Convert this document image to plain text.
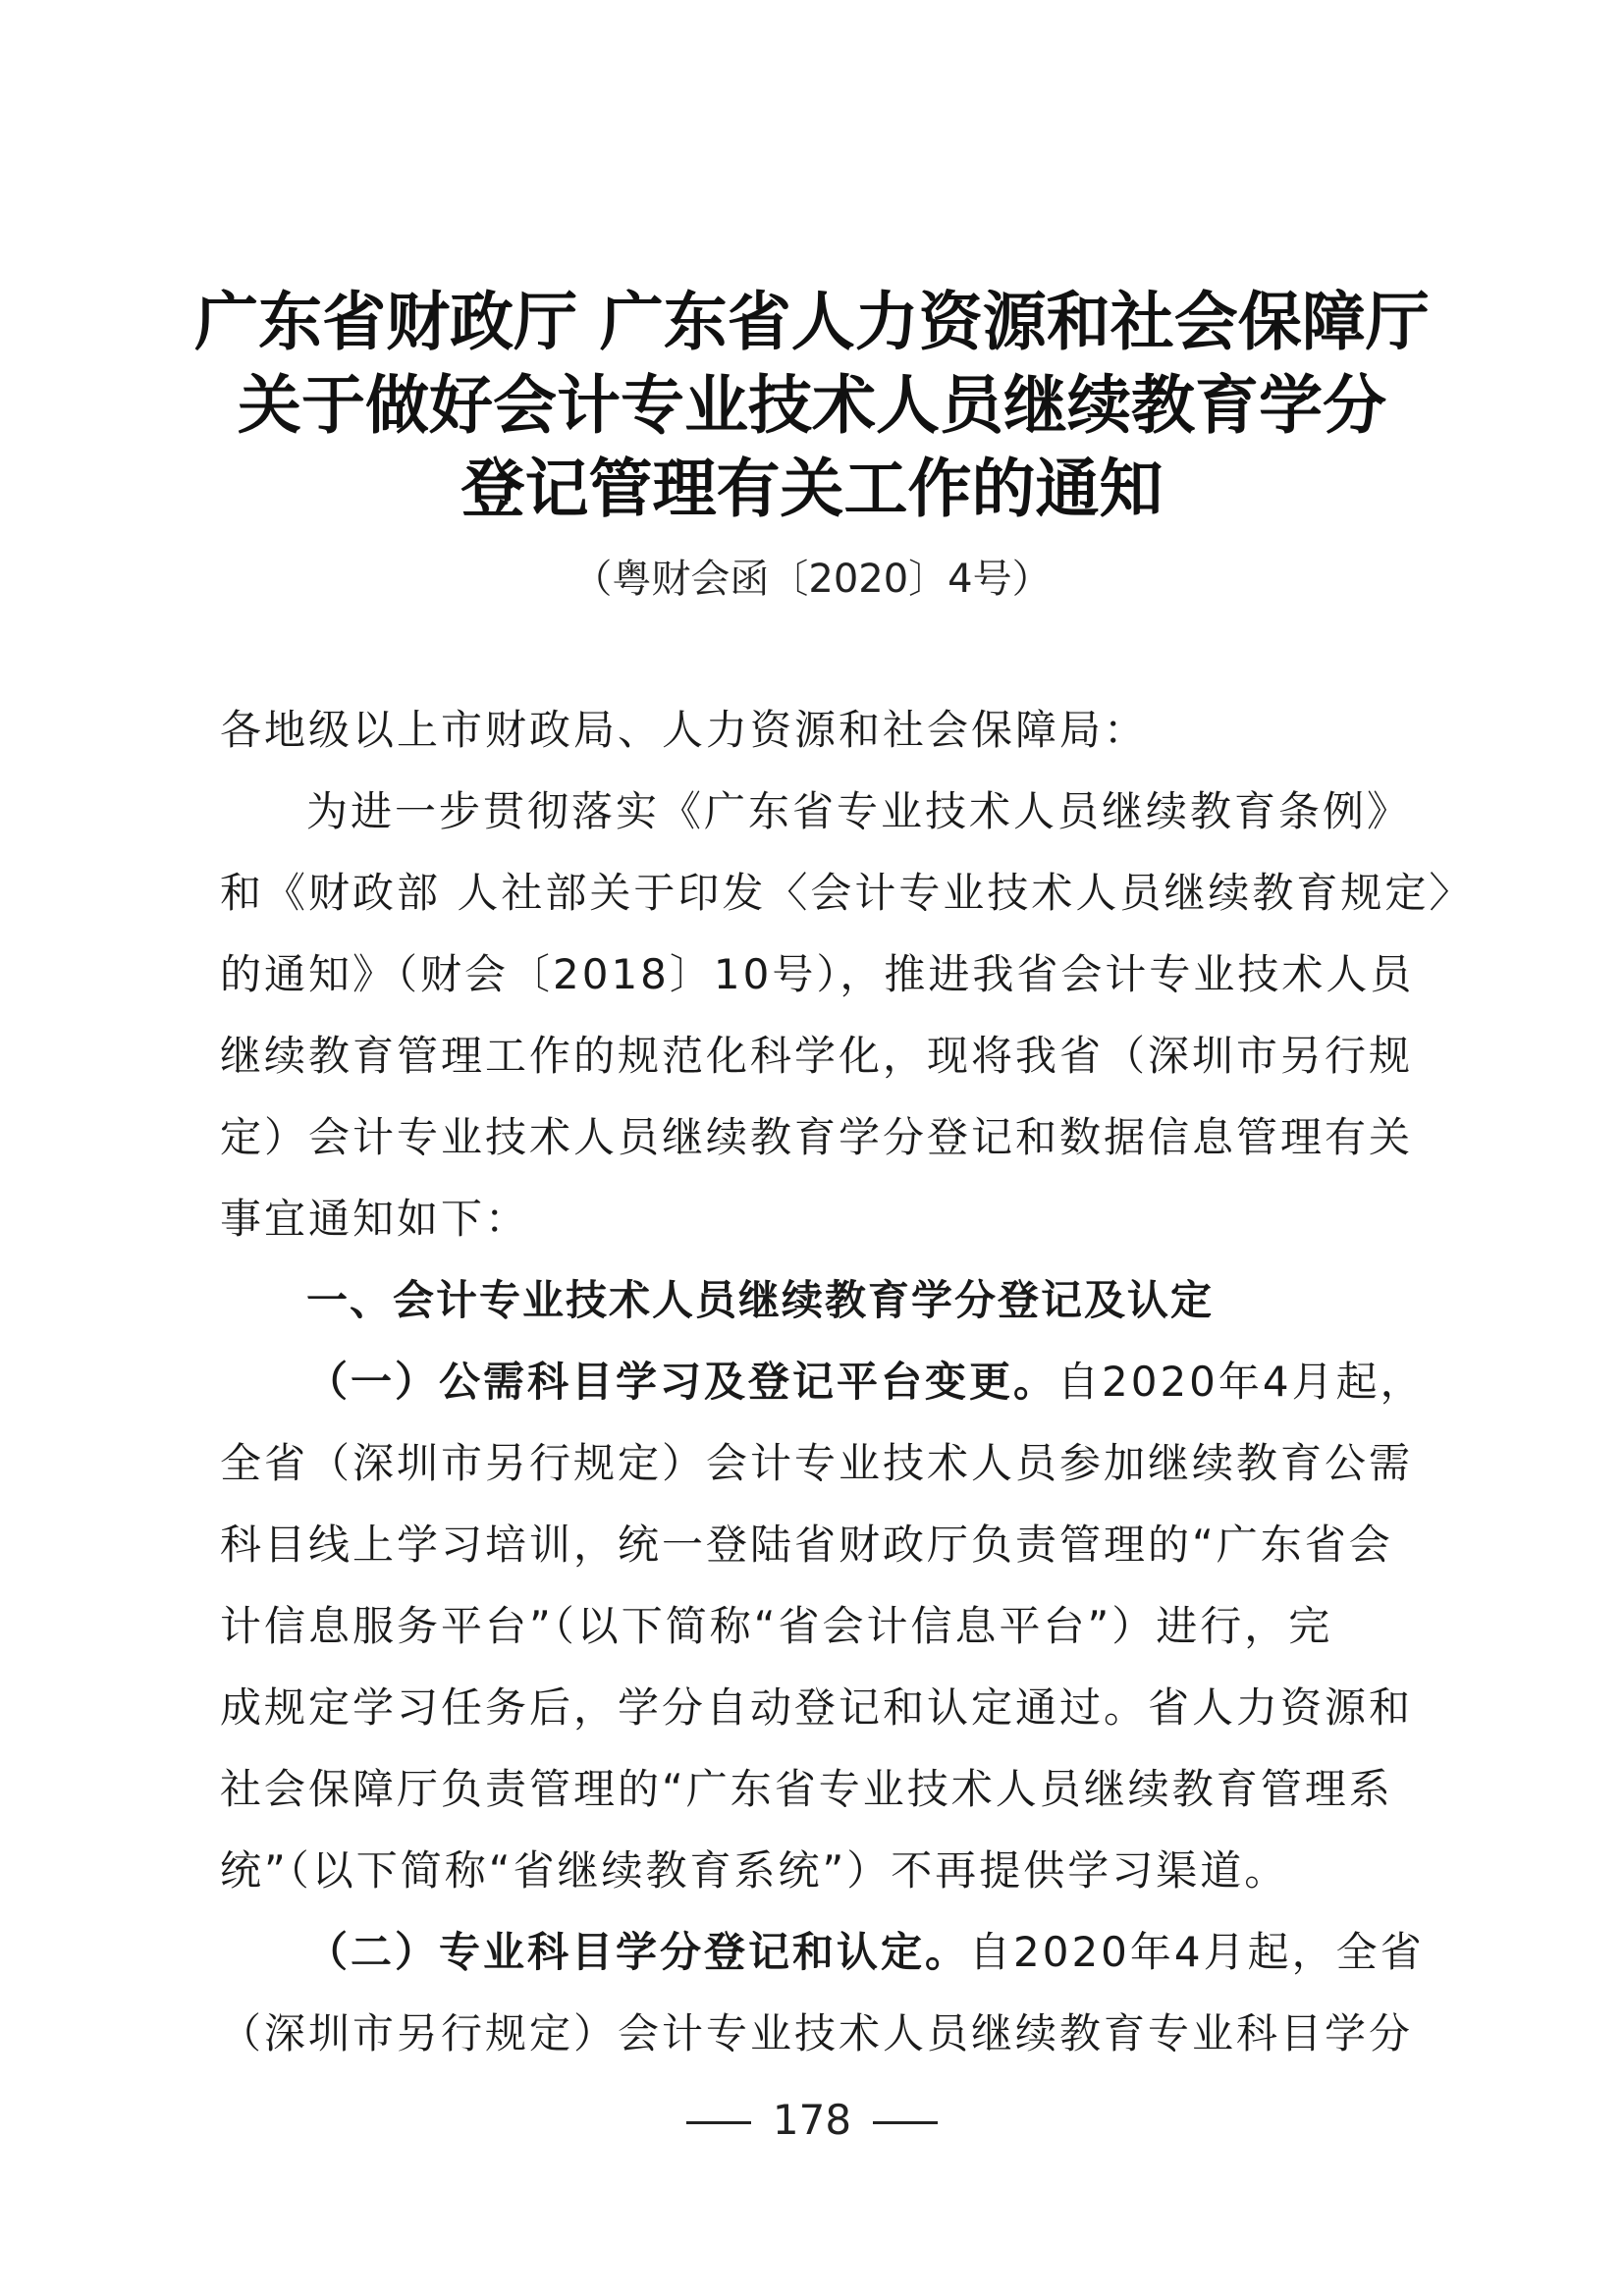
广东省财政厅 广东省人力资源和社会保障厅
关于做好会计专业技术人员继续教育学分
登记管理有关工作的通知
（粤财会函〔2020〕4号）
各地级以上市财政局、人力资源和社会保障局：
为进一步贯彻落实《广东省专业技术人员继续教育条例》
和《财政部 人社部关于印发〈会计专业技术人员继续教育规定〉
的通知》（财会〔2018〕10号），推进我省会计专业技术人员
继续教育管理工作的规范化科学化，现将我省（深圳市另行规
定）会计专业技术人员继续教育学分登记和数据信息管理有关
事宜通知如下：
一、会计专业技术人员继续教育学分登记及认定
（一）公需科目学习及登记平台变更。自2020年4月起，
全省（深圳市另行规定）会计专业技术人员参加继续教育公需
科目线上学习培训，统一登陆省财政厅负责管理的“广东省会
计信息服务平台”（以下简称“省会计信息平台”）进行，完
成规定学习任务后，学分自动登记和认定通过。省人力资源和
社会保障厅负责管理的“广东省专业技术人员继续教育管理系
统”（以下简称“省继续教育系统”）不再提供学习渠道。
（二）专业科目学分登记和认定。自2020年4月起，全省
（深圳市另行规定）会计专业技术人员继续教育专业科目学分
178
